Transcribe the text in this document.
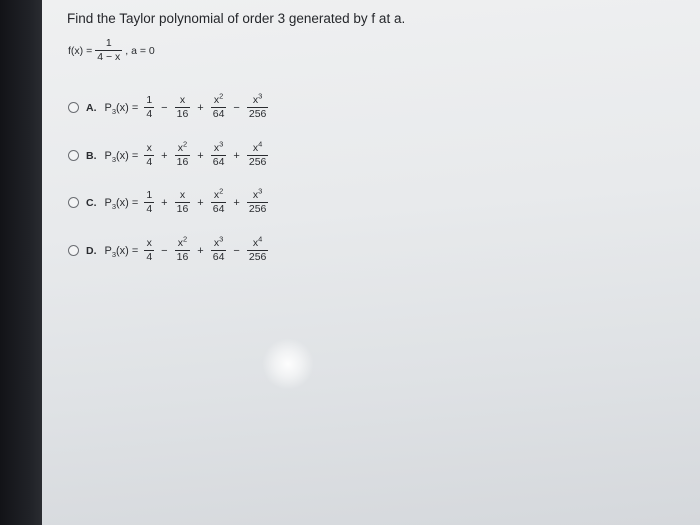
Find the Taylor polynomial of order 3 generated by f at a.
$f(x) = \frac{1}{4 - x}$ , a = 0
A. $P_3(x) = \frac{1}{4} - \frac{x}{16} + \frac{x^2}{64} - \frac{x^3}{256}$
B. $P_3(x) = \frac{x}{4} + \frac{x^2}{16} + \frac{x^3}{64} + \frac{x^4}{256}$
C. $P_3(x) = \frac{1}{4} + \frac{x}{16} + \frac{x^2}{64} + \frac{x^3}{256}$
D. $P_3(x) = \frac{x}{4} - \frac{x^2}{16} + \frac{x^3}{64} - \frac{x^4}{256}$
